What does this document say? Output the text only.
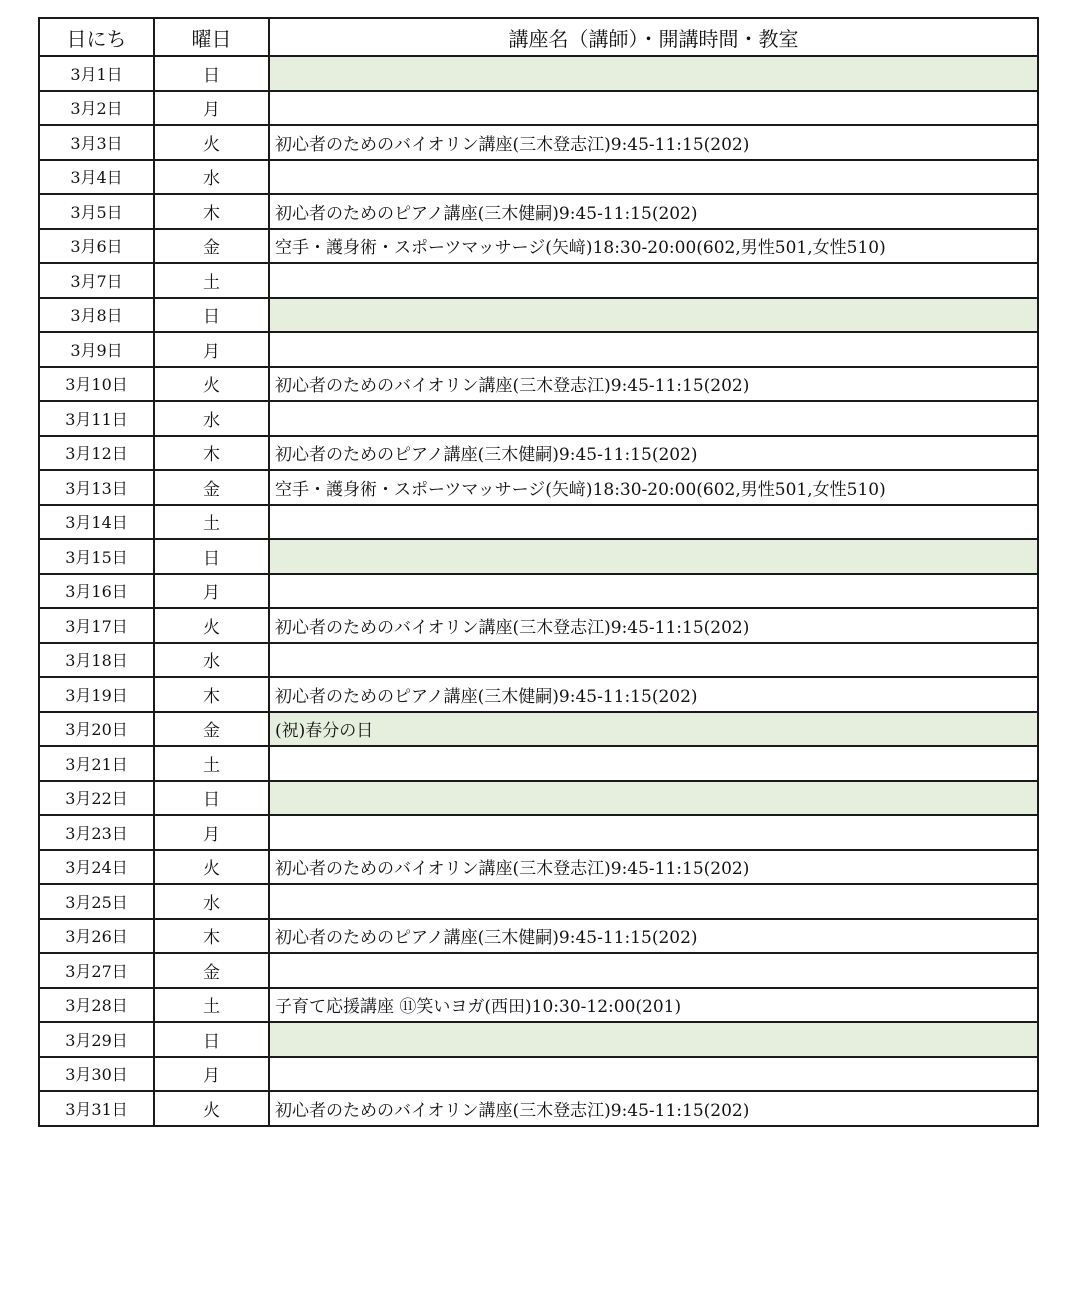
日にち	曜日	講座名（講師）・開講時間・教室
3月1日	日	
3月2日	月	
3月3日	火	初心者のためのバイオリン講座(三木登志江)9:45-11:15(202)
3月4日	水	
3月5日	木	初心者のためのピアノ講座(三木健嗣)9:45-11:15(202)
3月6日	金	空手・護身術・スポーツマッサージ(矢﨑)18:30-20:00(602,男性501,女性510)
3月7日	土	
3月8日	日	
3月9日	月	
3月10日	火	初心者のためのバイオリン講座(三木登志江)9:45-11:15(202)
3月11日	水	
3月12日	木	初心者のためのピアノ講座(三木健嗣)9:45-11:15(202)
3月13日	金	空手・護身術・スポーツマッサージ(矢﨑)18:30-20:00(602,男性501,女性510)
3月14日	土	
3月15日	日	
3月16日	月	
3月17日	火	初心者のためのバイオリン講座(三木登志江)9:45-11:15(202)
3月18日	水	
3月19日	木	初心者のためのピアノ講座(三木健嗣)9:45-11:15(202)
3月20日	金	(祝)春分の日
3月21日	土	
3月22日	日	
3月23日	月	
3月24日	火	初心者のためのバイオリン講座(三木登志江)9:45-11:15(202)
3月25日	水	
3月26日	木	初心者のためのピアノ講座(三木健嗣)9:45-11:15(202)
3月27日	金	
3月28日	土	子育て応援講座 ⑪笑いヨガ(西田)10:30-12:00(201)
3月29日	日	
3月30日	月	
3月31日	火	初心者のためのバイオリン講座(三木登志江)9:45-11:15(202)
